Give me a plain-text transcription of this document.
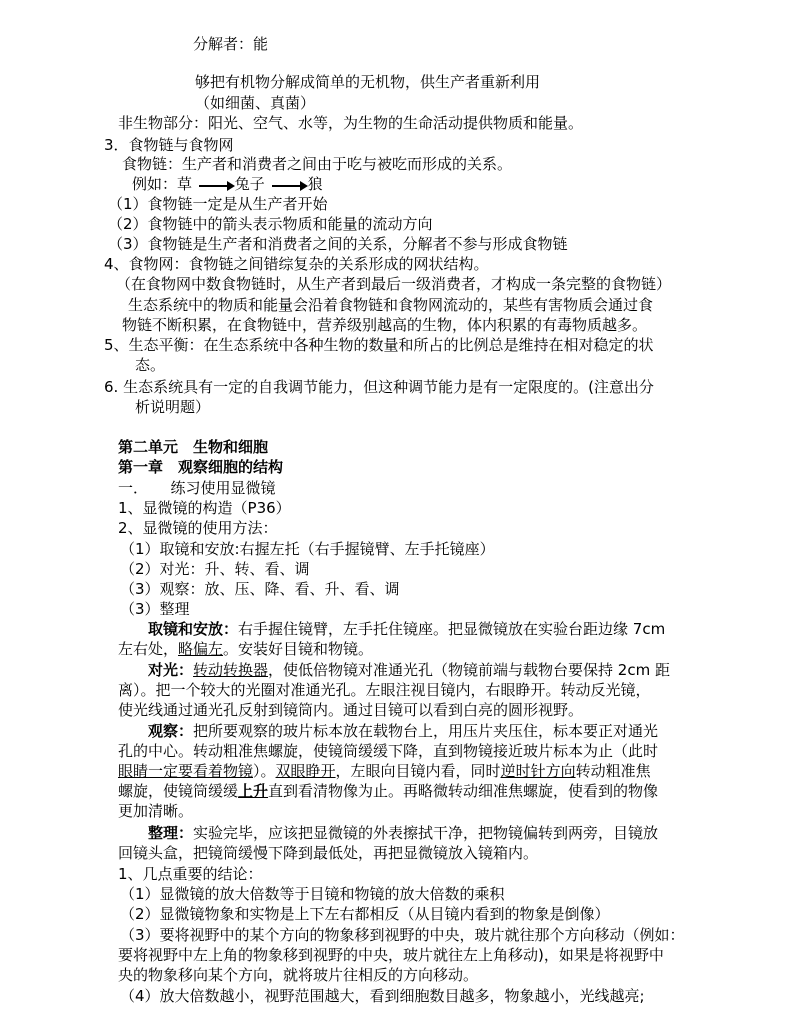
分解者：能
够把有机物分解成简单的无机物，供生产者重新利用
（如细菌、真菌）
非生物部分：阳光、空气、水等，为生物的生命活动提供物质和能量。
3．食物链与食物网
食物链：生产者和消费者之间由于吃与被吃而形成的关系。
例如：草	兔子	狼
（1）食物链一定是从生产者开始
（2）食物链中的箭头表示物质和能量的流动方向
（3）食物链是生产者和消费者之间的关系，分解者不参与形成食物链
4、食物网：食物链之间错综复杂的关系形成的网状结构。
（在食物网中数食物链时，从生产者到最后一级消费者，才构成一条完整的食物链）
生态系统中的物质和能量会沿着食物链和食物网流动的，某些有害物质会通过食
物链不断积累，在食物链中，营养级别越高的生物，体内积累的有毒物质越多。
5、生态平衡：在生态系统中各种生物的数量和所占的比例总是维持在相对稳定的状
态。
6. 生态系统具有一定的自我调节能力，但这种调节能力是有一定限度的。(注意出分
析说明题）
第二单元　生物和细胞
第一章　观察细胞的结构
一．　　练习使用显微镜
1、显微镜的构造（P36）
2、显微镜的使用方法：
（1）取镜和安放:右握左托（右手握镜臂、左手托镜座）
（2）对光：升、转、看、调
（3）观察：放、压、降、看、升、看、调
（3）整理
取镜和安放：右手握住镜臂，左手托住镜座。把显微镜放在实验台距边缘 7cm
左右处，略偏左。安装好目镜和物镜。
对光：转动转换器，使低倍物镜对准通光孔（物镜前端与载物台要保持 2cm 距
离）。把一个较大的光圈对准通光孔。左眼注视目镜内，右眼睁开。转动反光镜，
使光线通过通光孔反射到镜筒内。通过目镜可以看到白亮的圆形视野。
观察：把所要观察的玻片标本放在载物台上，用压片夹压住，标本要正对通光
孔的中心。转动粗准焦螺旋，使镜筒缓缓下降，直到物镜接近玻片标本为止（此时
眼睛一定要看着物镜）。双眼睁开，左眼向目镜内看，同时逆时针方向转动粗准焦
螺旋，使镜筒缓缓上升直到看清物像为止。再略微转动细准焦螺旋，使看到的物像
更加清晰。
整理：实验完毕，应该把显微镜的外表擦拭干净，把物镜偏转到两旁，目镜放
回镜头盒，把镜筒缓慢下降到最低处，再把显微镜放入镜箱内。
1、几点重要的结论：
（1）显微镜的放大倍数等于目镜和物镜的放大倍数的乘积
（2）显微镜物象和实物是上下左右都相反（从目镜内看到的物象是倒像）
（3）要将视野中的某个方向的物象移到视野的中央，玻片就往那个方向移动（例如：
要将视野中左上角的物象移到视野的中央，玻片就往左上角移动)，如果是将视野中
央的物象移向某个方向，就将玻片往相反的方向移动。
（4）放大倍数越小，视野范围越大，看到细胞数目越多，物象越小，光线越亮;
